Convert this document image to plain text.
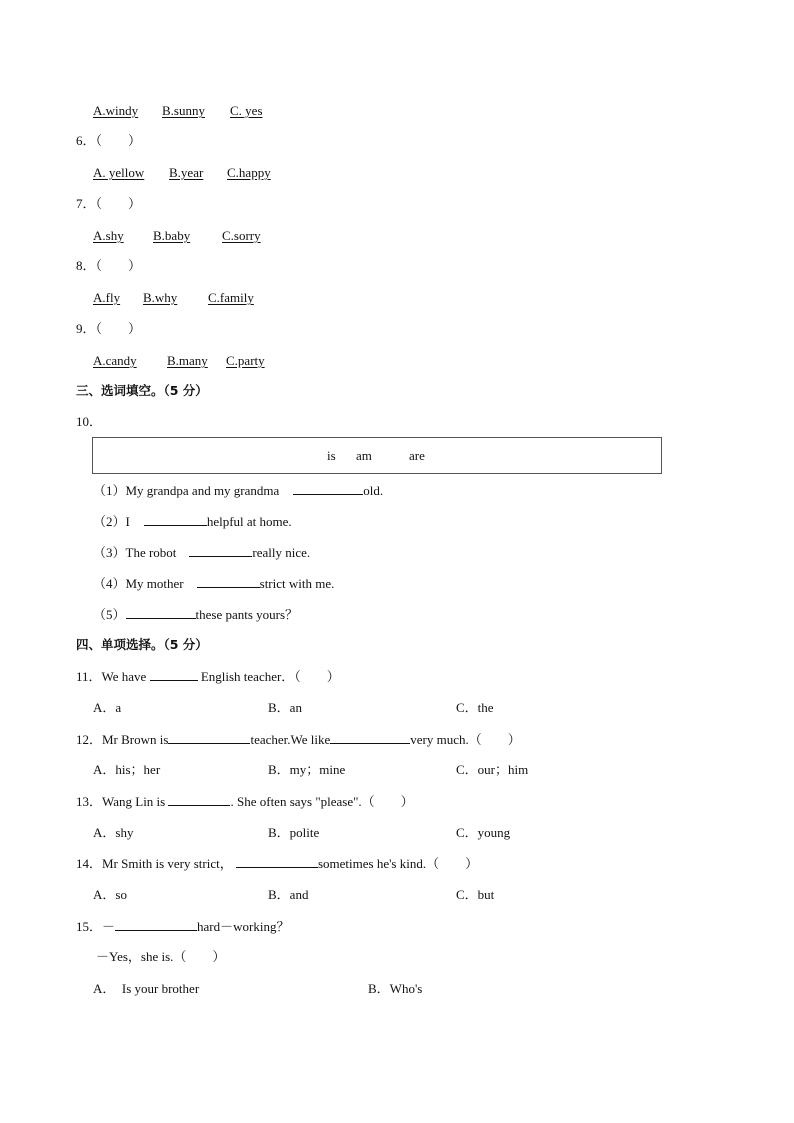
A.windy B.sunny C. yes
6．（　　）
A. yellow B.year C.happy
7．（　　）
A.shy B.baby C.sorry
8．（　　）
A.fly B.why C.family
9．（　　）
A.candy B.many C.party
三、选词填空。（5 分）
10．
is am	are
（1）My grandpa and my grandma	old.
（2）I	helpful at home.
（3）The robot	really nice.
（4）My mother	strict with me.
（5）	these pants yours？
四、单项选择。（5 分）
11．We have	English teacher．（　　）
A．a	B．an	C．the
12．Mr Brown is	teacher.We like	very much.（　　）
A．his；her	B．my；mine	C．our；him
13．Wang Lin is	. She often says "please".（　　）
A．shy	B．polite	C．young
14．Mr Smith is very strict，	sometimes he's kind.（　　）
A．so	B．and	C．but
15．－	hard－working？
－Yes，she is.（　　）
A．　Is your brother	B．Who's
